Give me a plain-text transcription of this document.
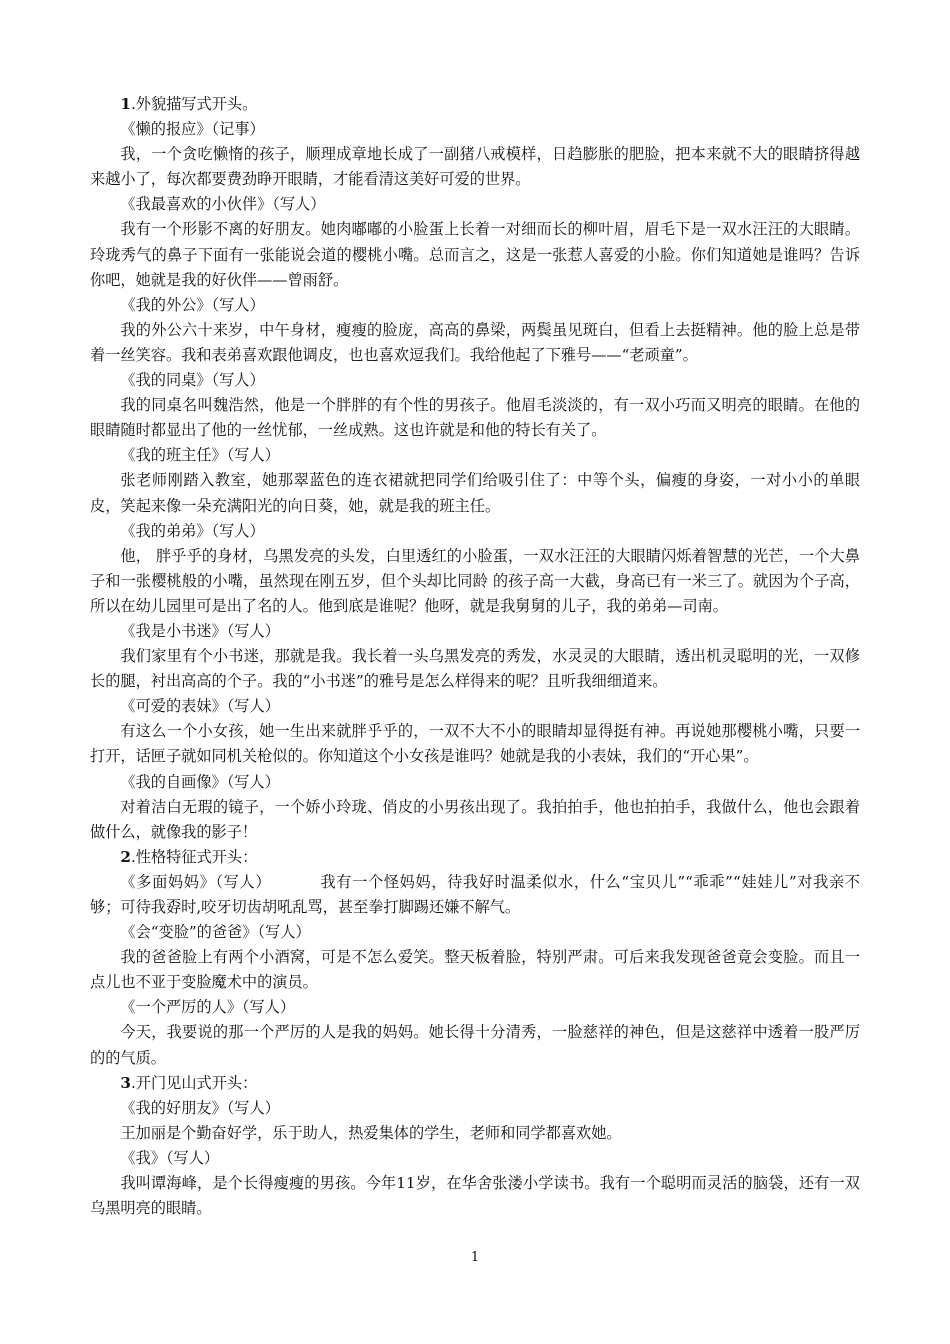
1.外貌描写式开头。
《懒的报应》（记事）
我，一个贪吃懒惰的孩子，顺理成章地长成了一副猪八戒模样，日趋膨胀的肥脸，把本来就不大的眼睛挤得越来越小了，每次都要费劲睁开眼睛，才能看清这美好可爱的世界。
《我最喜欢的小伙伴》（写人）
我有一个形影不离的好朋友。她肉嘟嘟的小脸蛋上长着一对细而长的柳叶眉，眉毛下是一双水汪汪的大眼睛。玲珑秀气的鼻子下面有一张能说会道的樱桃小嘴。总而言之，这是一张惹人喜爱的小脸。你们知道她是谁吗？告诉你吧，她就是我的好伙伴——曾雨舒。
《我的外公》（写人）
我的外公六十来岁，中午身材，瘦瘦的脸庞，高高的鼻梁，两鬓虽见斑白，但看上去挺精神。他的脸上总是带着一丝笑容。我和表弟喜欢跟他调皮，也也喜欢逗我们。我给他起了下雅号——“老顽童”。
《我的同桌》（写人）
我的同桌名叫魏浩然，他是一个胖胖的有个性的男孩子。他眉毛淡淡的，有一双小巧而又明亮的眼睛。在他的眼睛随时都显出了他的一丝忧郁，一丝成熟。这也许就是和他的特长有关了。
《我的班主任》（写人）
张老师刚踏入教室，她那翠蓝色的连衣裙就把同学们给吸引住了：中等个头，偏瘦的身姿，一对小小的单眼皮，笑起来像一朵充满阳光的向日葵，她，就是我的班主任。
《我的弟弟》（写人）
他， 胖乎乎的身材，乌黑发亮的头发，白里透红的小脸蛋，一双水汪汪的大眼睛闪烁着智慧的光芒，一个大鼻子和一张樱桃般的小嘴，虽然现在刚五岁，但个头却比同龄 的孩子高一大截，身高已有一米三了。就因为个子高，所以在幼儿园里可是出了名的人。他到底是谁呢？他呀，就是我舅舅的儿子，我的弟弟—司南。
《我是小书迷》（写人）
我们家里有个小书迷，那就是我。我长着一头乌黑发亮的秀发，水灵灵的大眼睛，透出机灵聪明的光，一双修长的腿，衬出高高的个子。我的“小书迷”的雅号是怎么样得来的呢？且听我细细道来。
《可爱的表妹》（写人）
有这么一个小女孩，她一生出来就胖乎乎的，一双不大不小的眼睛却显得挺有神。再说她那樱桃小嘴，只要一打开，话匣子就如同机关枪似的。你知道这个小女孩是谁吗？她就是我的小表妹，我们的“开心果”。
《我的自画像》（写人）
对着洁白无瑕的镜子，一个娇小玲珑、俏皮的小男孩出现了。我拍拍手，他也拍拍手，我做什么，他也会跟着做什么，就像我的影子！
2.性格特征式开头：
《多面妈妈》（写人）	我有一个怪妈妈，待我好时温柔似水，什么“宝贝儿”“乖乖”“娃娃儿”对我亲不够；可待我孬时,咬牙切齿胡吼乱骂，甚至拳打脚踢还嫌不解气。
《会“变脸”的爸爸》（写人）
我的爸爸脸上有两个小酒窝，可是不怎么爱笑。整天板着脸，特别严肃。可后来我发现爸爸竟会变脸。而且一点儿也不亚于变脸魔术中的演员。
《一个严厉的人》（写人）
今天，我要说的那一个严厉的人是我的妈妈。她长得十分清秀，一脸慈祥的神色，但是这慈祥中透着一股严厉的的气质。
3.开门见山式开头：
《我的好朋友》（写人）
王加丽是个勤奋好学，乐于助人，热爱集体的学生，老师和同学都喜欢她。
《我》（写人）
我叫谭海峰，是个长得瘦瘦的男孩。今年11岁，在华舍张溇小学读书。我有一个聪明而灵活的脑袋，还有一双乌黑明亮的眼睛。
1
